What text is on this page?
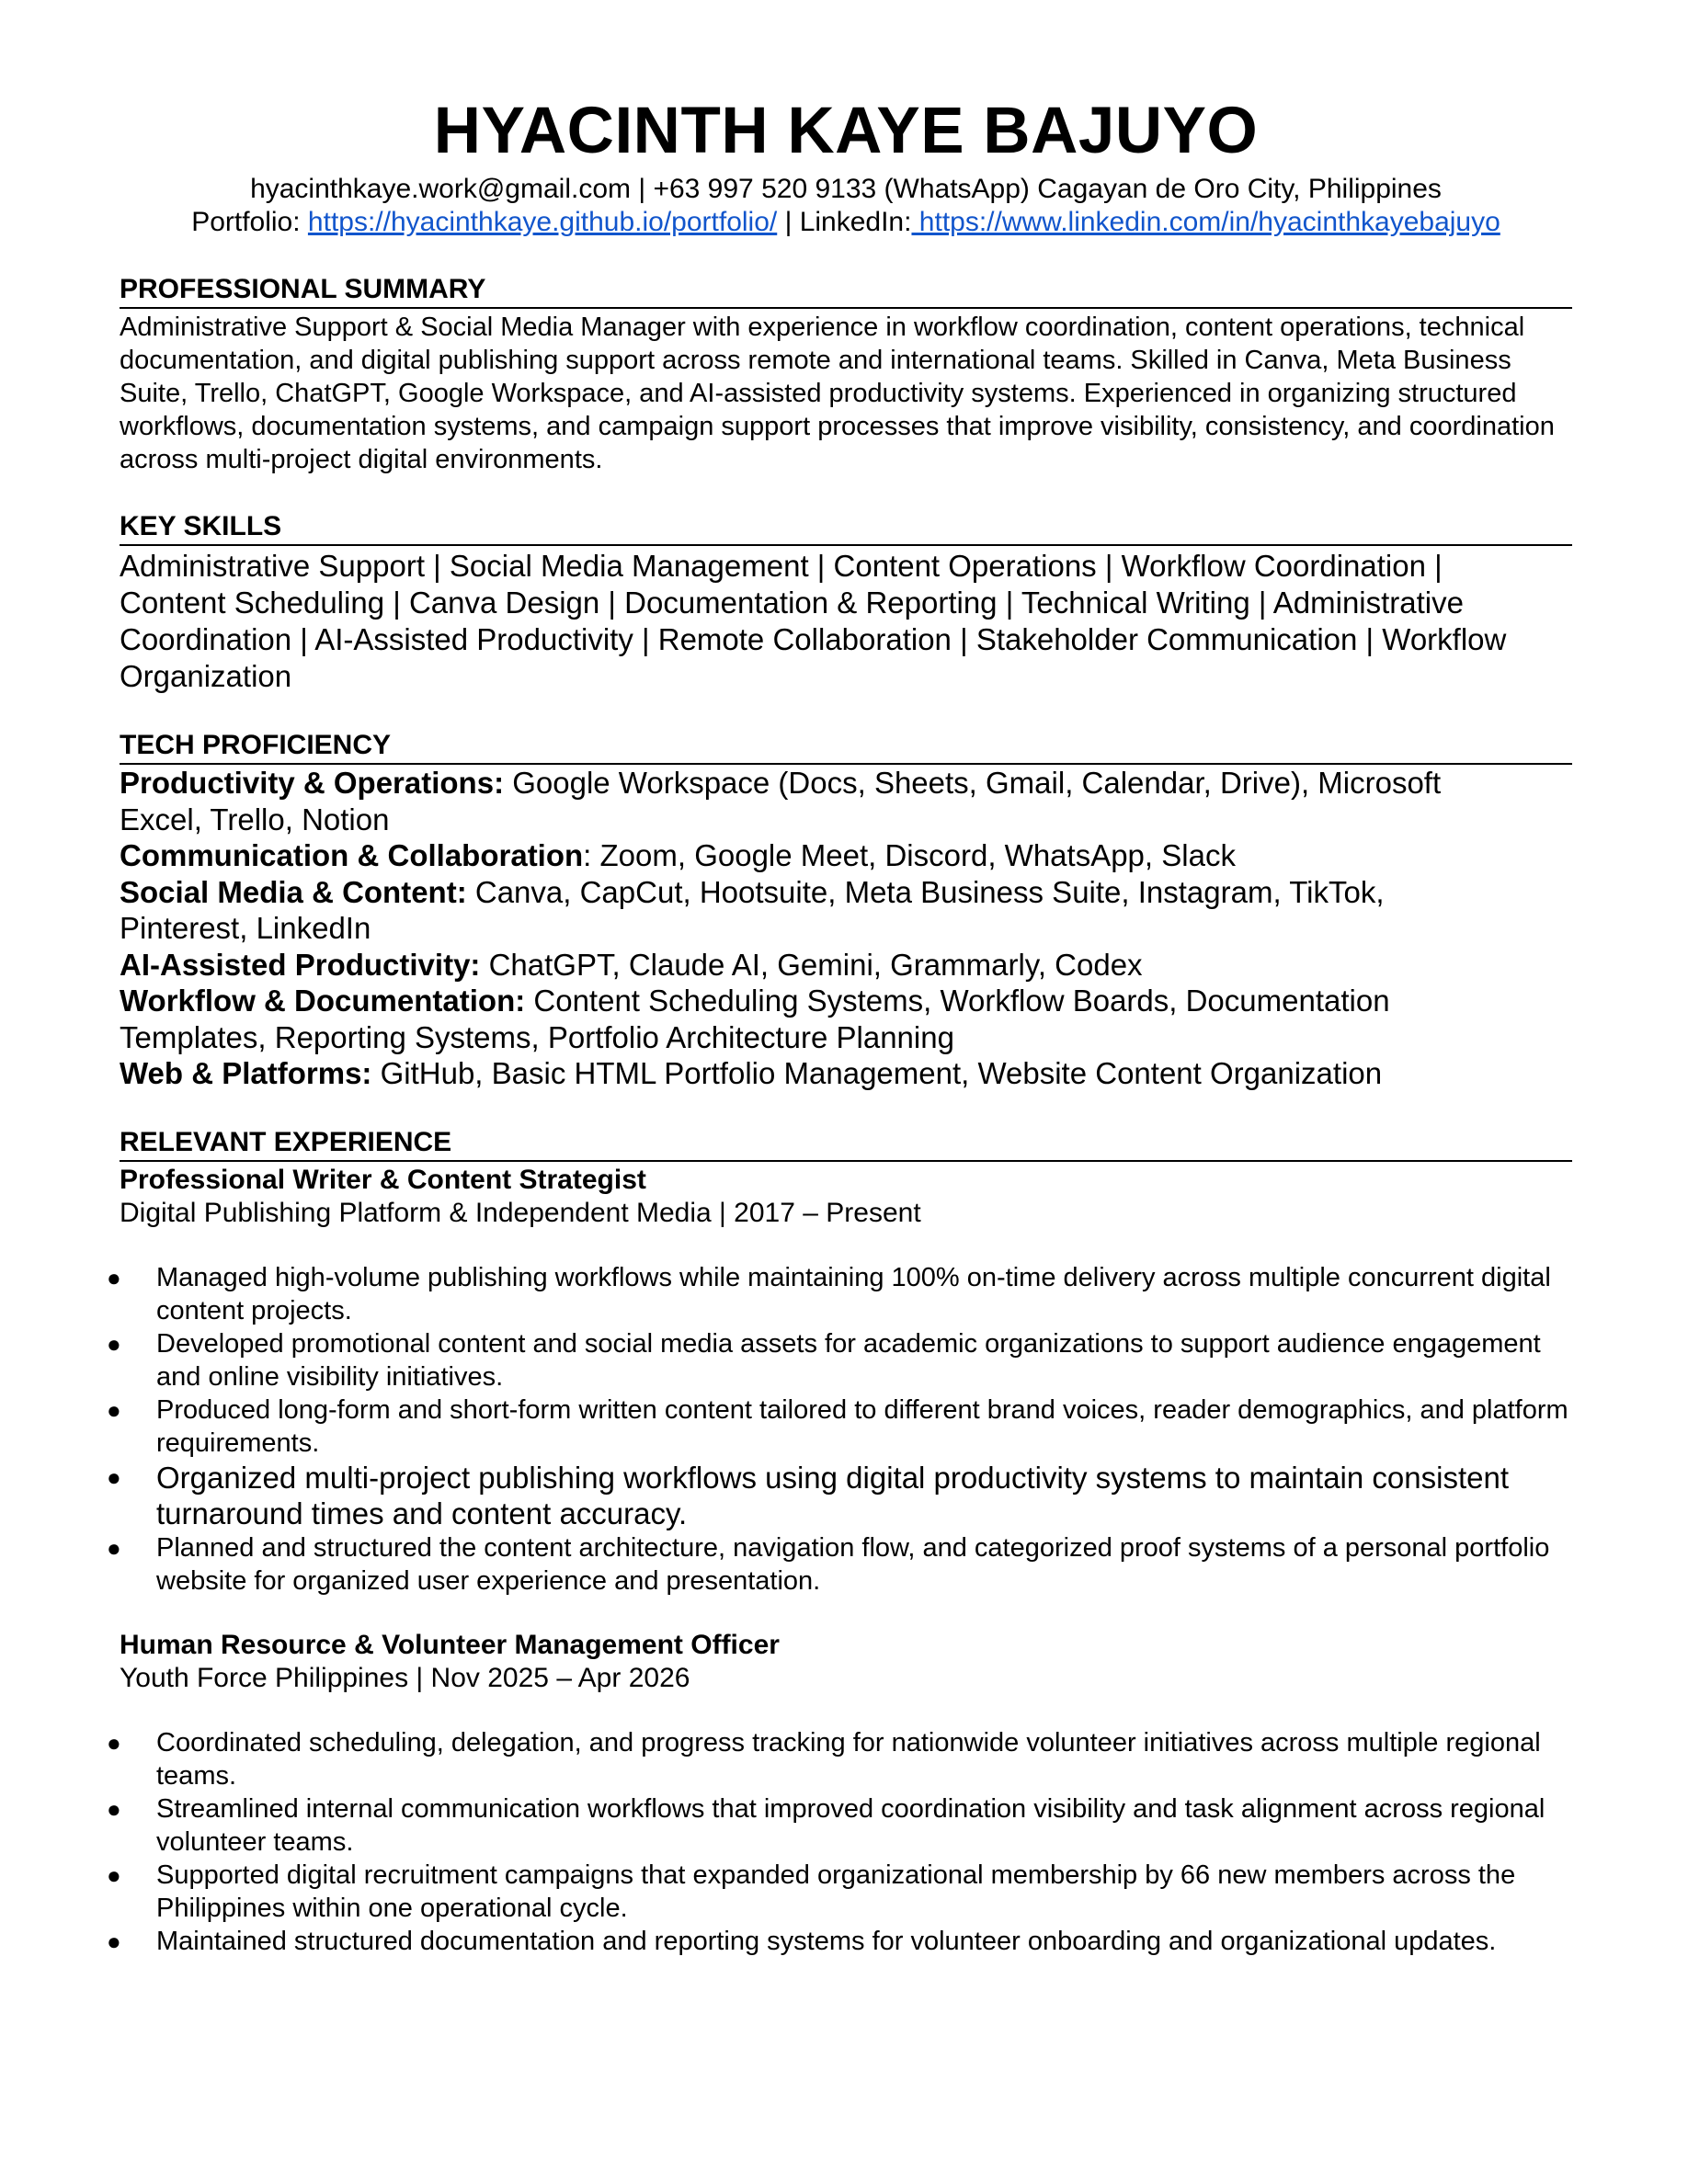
HYACINTH KAYE BAJUYO
hyacinthkaye.work@gmail.com | +63 997 520 9133 (WhatsApp) Cagayan de Oro City, Philippines
Portfolio: https://hyacinthkaye.github.io/portfolio/ | LinkedIn: https://www.linkedin.com/in/hyacinthkayebajuyo
PROFESSIONAL SUMMARY
Administrative Support & Social Media Manager with experience in workflow coordination, content operations, technical documentation, and digital publishing support across remote and international teams. Skilled in Canva, Meta Business Suite, Trello, ChatGPT, Google Workspace, and AI-assisted productivity systems. Experienced in organizing structured workflows, documentation systems, and campaign support processes that improve visibility, consistency, and coordination across multi-project digital environments.
KEY SKILLS
Administrative Support | Social Media Management | Content Operations | Workflow Coordination | Content Scheduling | Canva Design | Documentation & Reporting | Technical Writing | Administrative Coordination | AI-Assisted Productivity | Remote Collaboration | Stakeholder Communication | Workflow Organization
TECH PROFICIENCY
Productivity & Operations: Google Workspace (Docs, Sheets, Gmail, Calendar, Drive), Microsoft Excel, Trello, Notion
Communication & Collaboration: Zoom, Google Meet, Discord, WhatsApp, Slack
Social Media & Content: Canva, CapCut, Hootsuite, Meta Business Suite, Instagram, TikTok, Pinterest, LinkedIn
AI-Assisted Productivity: ChatGPT, Claude AI, Gemini, Grammarly, Codex
Workflow & Documentation: Content Scheduling Systems, Workflow Boards, Documentation Templates, Reporting Systems, Portfolio Architecture Planning
Web & Platforms: GitHub, Basic HTML Portfolio Management, Website Content Organization
RELEVANT EXPERIENCE
Professional Writer & Content Strategist
Digital Publishing Platform & Independent Media | 2017 – Present
● Managed high-volume publishing workflows while maintaining 100% on-time delivery across multiple concurrent digital content projects.
● Developed promotional content and social media assets for academic organizations to support audience engagement and online visibility initiatives.
● Produced long-form and short-form written content tailored to different brand voices, reader demographics, and platform requirements.
● Organized multi-project publishing workflows using digital productivity systems to maintain consistent turnaround times and content accuracy.
● Planned and structured the content architecture, navigation flow, and categorized proof systems of a personal portfolio website for organized user experience and presentation.
Human Resource & Volunteer Management Officer
Youth Force Philippines | Nov 2025 – Apr 2026
● Coordinated scheduling, delegation, and progress tracking for nationwide volunteer initiatives across multiple regional teams.
● Streamlined internal communication workflows that improved coordination visibility and task alignment across regional volunteer teams.
● Supported digital recruitment campaigns that expanded organizational membership by 66 new members across the Philippines within one operational cycle.
● Maintained structured documentation and reporting systems for volunteer onboarding and organizational updates.
